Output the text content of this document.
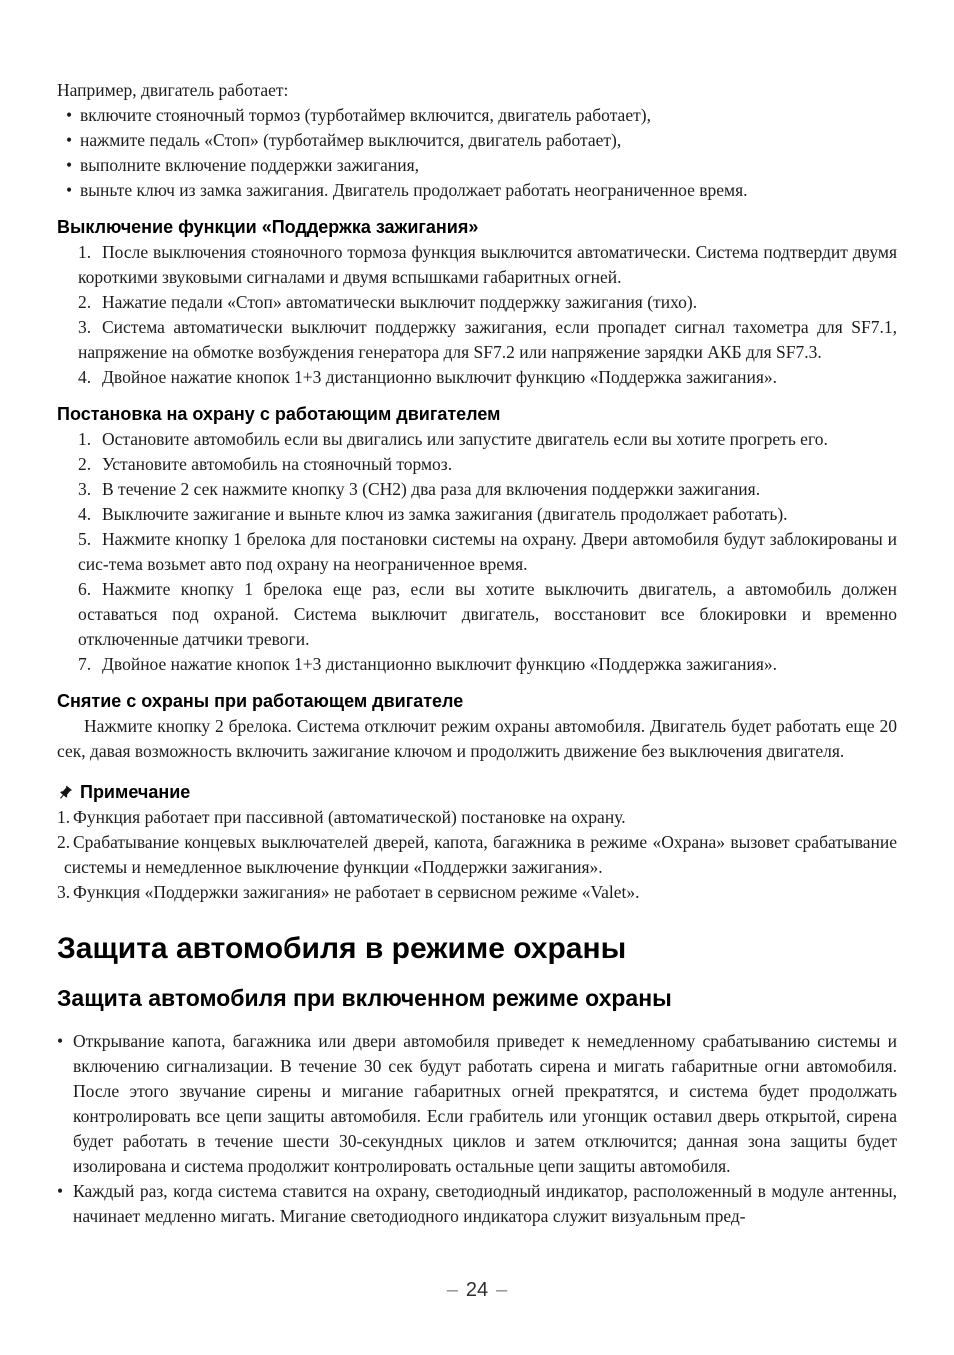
Например, двигатель работает:

• включите стояночный тормоз (турботаймер включится, двигатель работает),
• нажмите педаль «Стоп» (турботаймер выключится, двигатель работает),
• выполните включение поддержки зажигания,
• выньте ключ из замка зажигания. Двигатель продолжает работать неограниченное время.
Выключение функции «Поддержка зажигания»
После выключения стояночного тормоза функция выключится автоматически. Система подтвердит двумя короткими звуковыми сигналами и двумя вспышками габаритных огней.
Нажатие педали «Стоп» автоматически выключит поддержку зажигания (тихо).
Система автоматически выключит поддержку зажигания, если пропадет сигнал тахометра для SF7.1, напряжение на обмотке возбуждения генератора для SF7.2 или напряжение зарядки АКБ для SF7.3.
Двойное нажатие кнопок 1+3 дистанционно выключит функцию «Поддержка зажигания».
Постановка на охрану с работающим двигателем
Остановите автомобиль если вы двигались или запустите двигатель если вы хотите прогреть его.
Установите автомобиль на стояночный тормоз.
В течение 2 сек нажмите кнопку 3 (CH2) два раза для включения поддержки зажигания.
Выключите зажигание и выньте ключ из замка зажигания (двигатель продолжает работать).
Нажмите кнопку 1 брелока для постановки системы на охрану. Двери автомобиля будут заблокированы и сис-тема возьмет авто под охрану на неограниченное время.
Нажмите кнопку 1 брелока еще раз, если вы хотите выключить двигатель, а автомобиль должен оставаться под охраной. Система выключит двигатель, восстановит все блокировки и временно отключенные датчики тревоги.
Двойное нажатие кнопок 1+3 дистанционно выключит функцию «Поддержка зажигания».
Снятие с охраны при работающем двигателе

Нажмите кнопку 2 брелока. Система отключит режим охраны автомобиля. Двигатель будет работать еще 20 сек, давая возможность включить зажигание ключом и продолжить движение без выключения двигателя.

Примечание
Функция работает при пассивной (автоматической) постановке на охрану.
Срабатывание концевых выключателей дверей, капота, багажника в режиме «Охрана» вызовет срабатывание системы и немедленное выключение функции «Поддержки зажигания».
Функция «Поддержки зажигания» не работает в сервисном режиме «Valet».
Защита автомобиля в режиме охраны
Защита автомобиля при включенном режиме охраны
• Открывание капота, багажника или двери автомобиля приведет к немедленному срабатыванию системы и включению сигнализации. В течение 30 сек будут работать сирена и мигать габаритные огни автомобиля. После этого звучание сирены и мигание габаритных огней прекратятся, и система будет продолжать контролировать все цепи защиты автомобиля. Если грабитель или угонщик оставил дверь открытой, сирена будет работать в течение шести 30-секундных циклов и затем отключится; данная зона защиты будет изолирована и система продолжит контролировать остальные цепи защиты автомобиля.
• Каждый раз, когда система ставится на охрану, светодиодный индикатор, расположенный в модуле антенны, начинает медленно мигать. Мигание светодиодного индикатора служит визуальным пред-
– 24 –
